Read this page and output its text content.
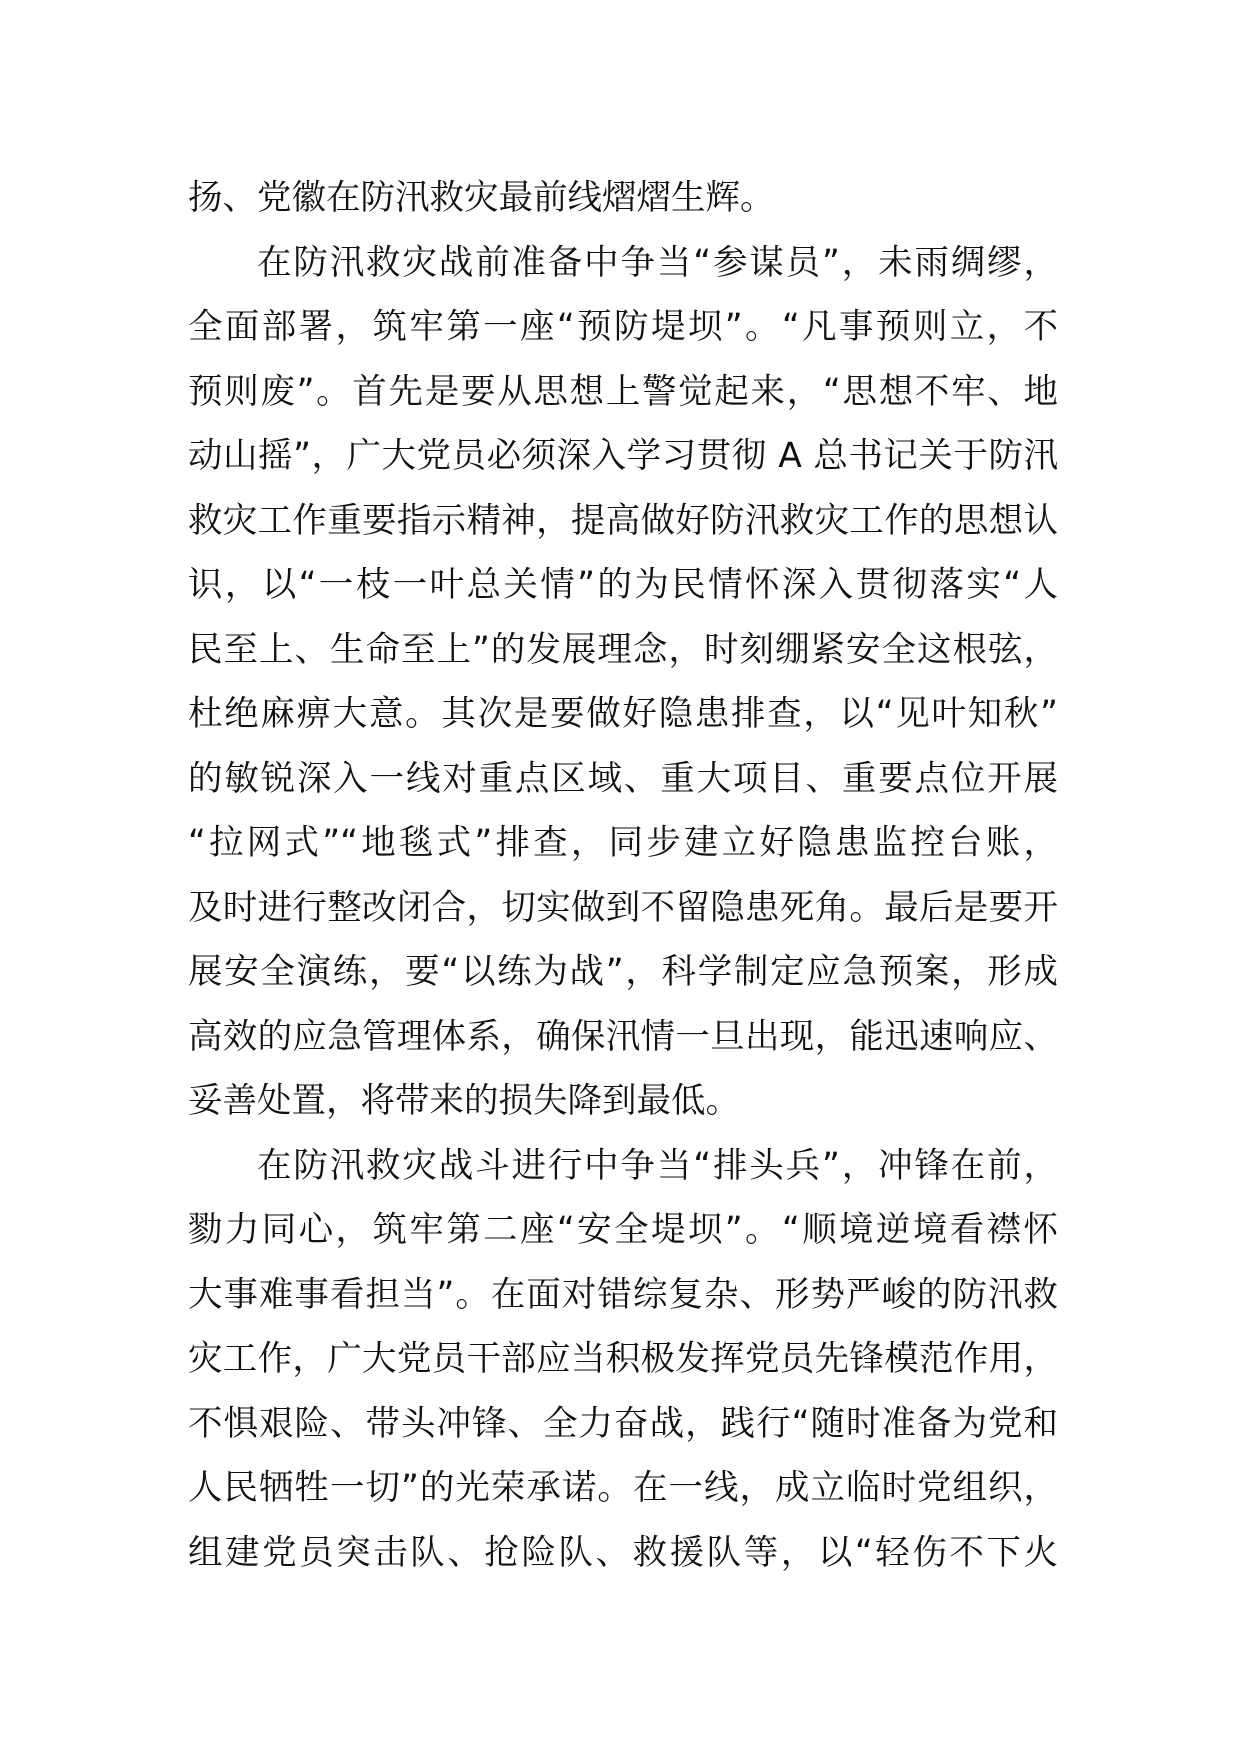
扬、党徽在防汛救灾最前线熠熠生辉。
在防汛救灾战前准备中争当“参谋员”，未雨绸缪，
全面部署，筑牢第一座“预防堤坝”。“凡事预则立，不
预则废”。首先是要从思想上警觉起来，“思想不牢、地
动山摇”，广大党员必须深入学习贯彻 A 总书记关于防汛
救灾工作重要指示精神，提高做好防汛救灾工作的思想认
识，以“一枝一叶总关情”的为民情怀深入贯彻落实“人
民至上、生命至上”的发展理念，时刻绷紧安全这根弦，
杜绝麻痹大意。其次是要做好隐患排查，以“见叶知秋”
的敏锐深入一线对重点区域、重大项目、重要点位开展
“拉网式”“地毯式”排查，同步建立好隐患监控台账，
及时进行整改闭合，切实做到不留隐患死角。最后是要开
展安全演练，要“以练为战”，科学制定应急预案，形成
高效的应急管理体系，确保汛情一旦出现，能迅速响应、
妥善处置，将带来的损失降到最低。
在防汛救灾战斗进行中争当“排头兵”，冲锋在前，
勠力同心，筑牢第二座“安全堤坝”。“顺境逆境看襟怀
大事难事看担当”。在面对错综复杂、形势严峻的防汛救
灾工作，广大党员干部应当积极发挥党员先锋模范作用，
不惧艰险、带头冲锋、全力奋战，践行“随时准备为党和
人民牺牲一切”的光荣承诺。在一线，成立临时党组织，
组建党员突击队、抢险队、救援队等，以“轻伤不下火
